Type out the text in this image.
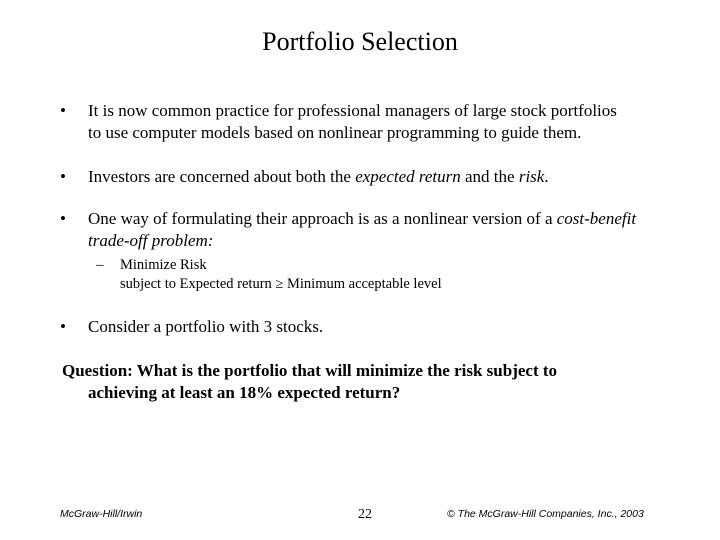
Portfolio Selection
• It is now common practice for professional managers of large stock portfolios
to use computer models based on nonlinear programming to guide them.
• Investors are concerned about both the expected return and the risk.
• One way of formulating their approach is as a nonlinear version of a cost-benefit trade-off problem:
– Minimize Risk
subject to Expected return ≥ Minimum acceptable level
• Consider a portfolio with 3 stocks.
Question: What is the portfolio that will minimize the risk subject to
achieving at least an 18% expected return?
McGraw-Hill/Irwin	22	© The McGraw-Hill Companies, Inc., 2003
